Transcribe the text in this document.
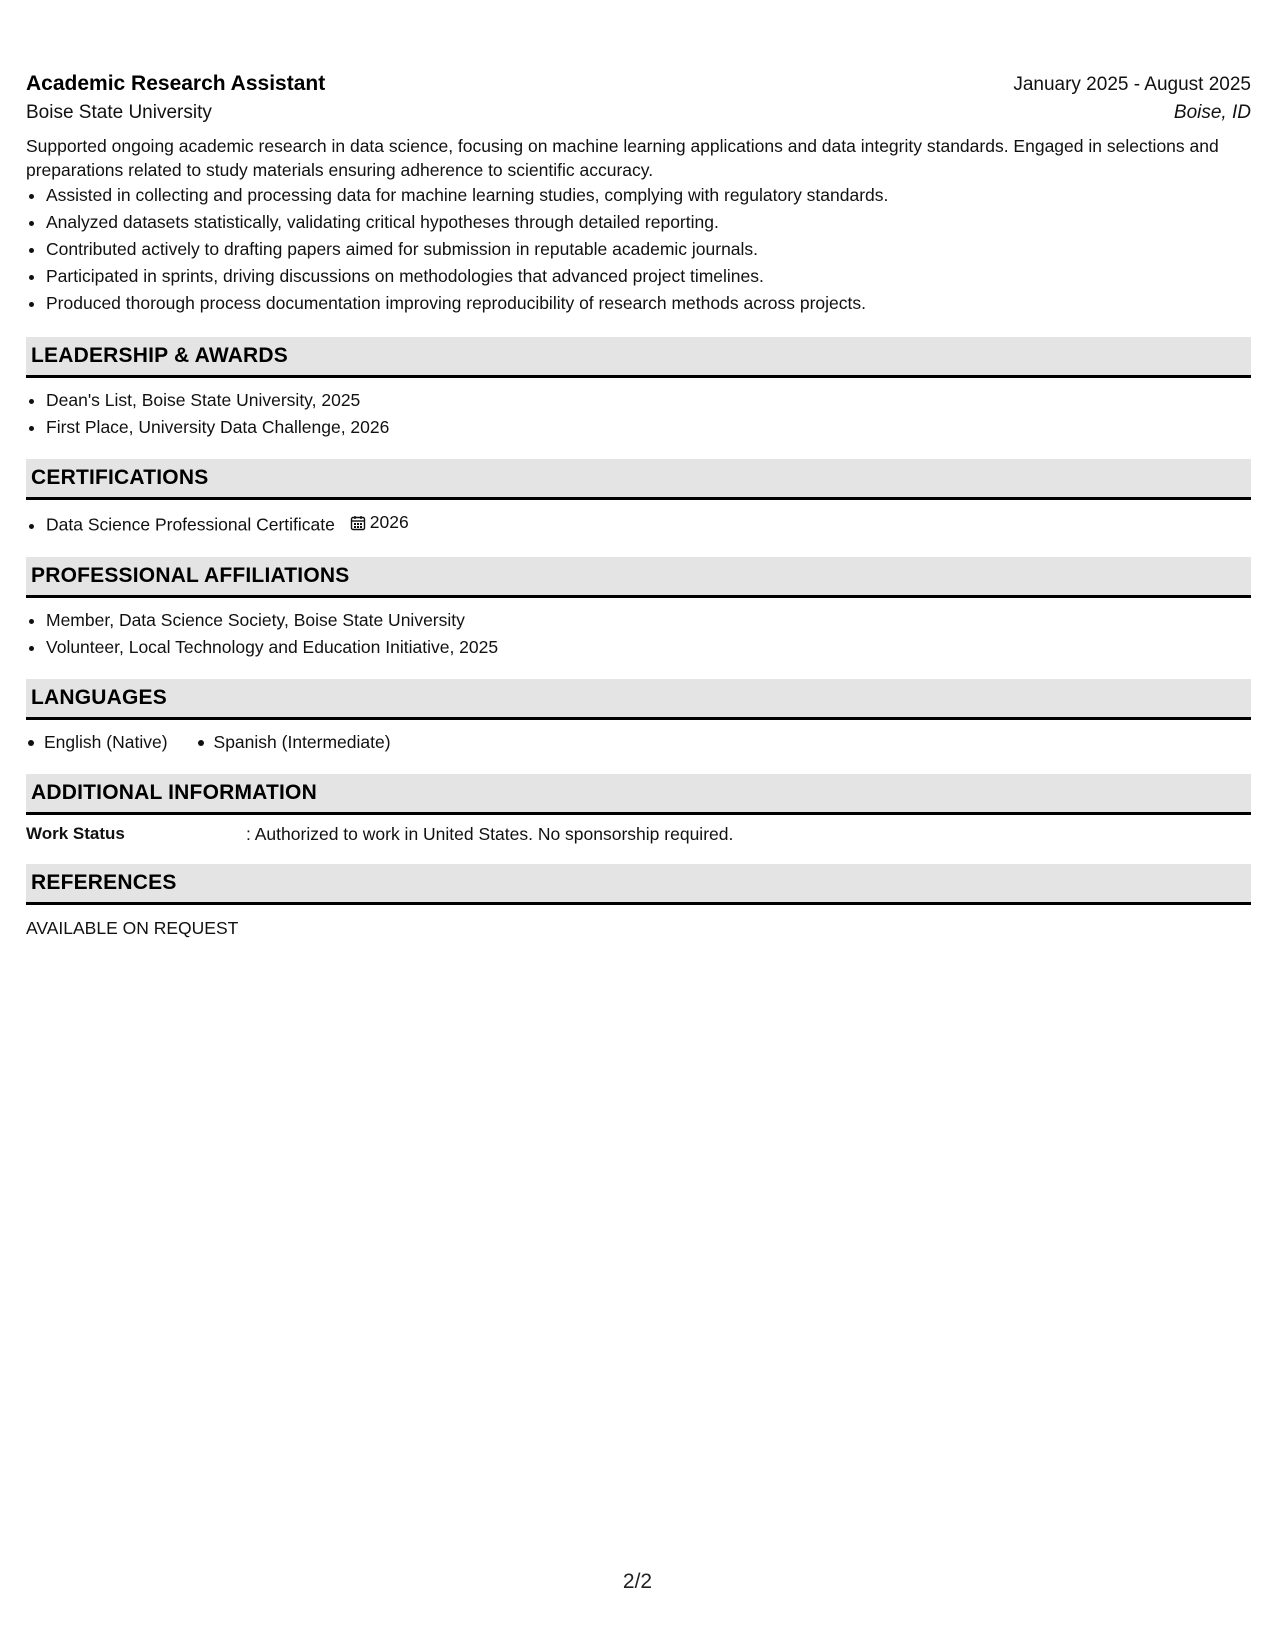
Academic Research Assistant	January 2025 - August 2025
Boise State University	Boise, ID
Supported ongoing academic research in data science, focusing on machine learning applications and data integrity standards. Engaged in selections and preparations related to study materials ensuring adherence to scientific accuracy.
• Assisted in collecting and processing data for machine learning studies, complying with regulatory standards.
• Analyzed datasets statistically, validating critical hypotheses through detailed reporting.
• Contributed actively to drafting papers aimed for submission in reputable academic journals.
• Participated in sprints, driving discussions on methodologies that advanced project timelines.
• Produced thorough process documentation improving reproducibility of research methods across projects.
LEADERSHIP & AWARDS
• Dean's List, Boise State University, 2025
• First Place, University Data Challenge, 2026
CERTIFICATIONS
• Data Science Professional Certificate 2026
PROFESSIONAL AFFILIATIONS
• Member, Data Science Society, Boise State University
• Volunteer, Local Technology and Education Initiative, 2025
LANGUAGES
English (Native)	Spanish (Intermediate)
ADDITIONAL INFORMATION
Work Status	: Authorized to work in United States. No sponsorship required.
REFERENCES
AVAILABLE ON REQUEST
2/2
